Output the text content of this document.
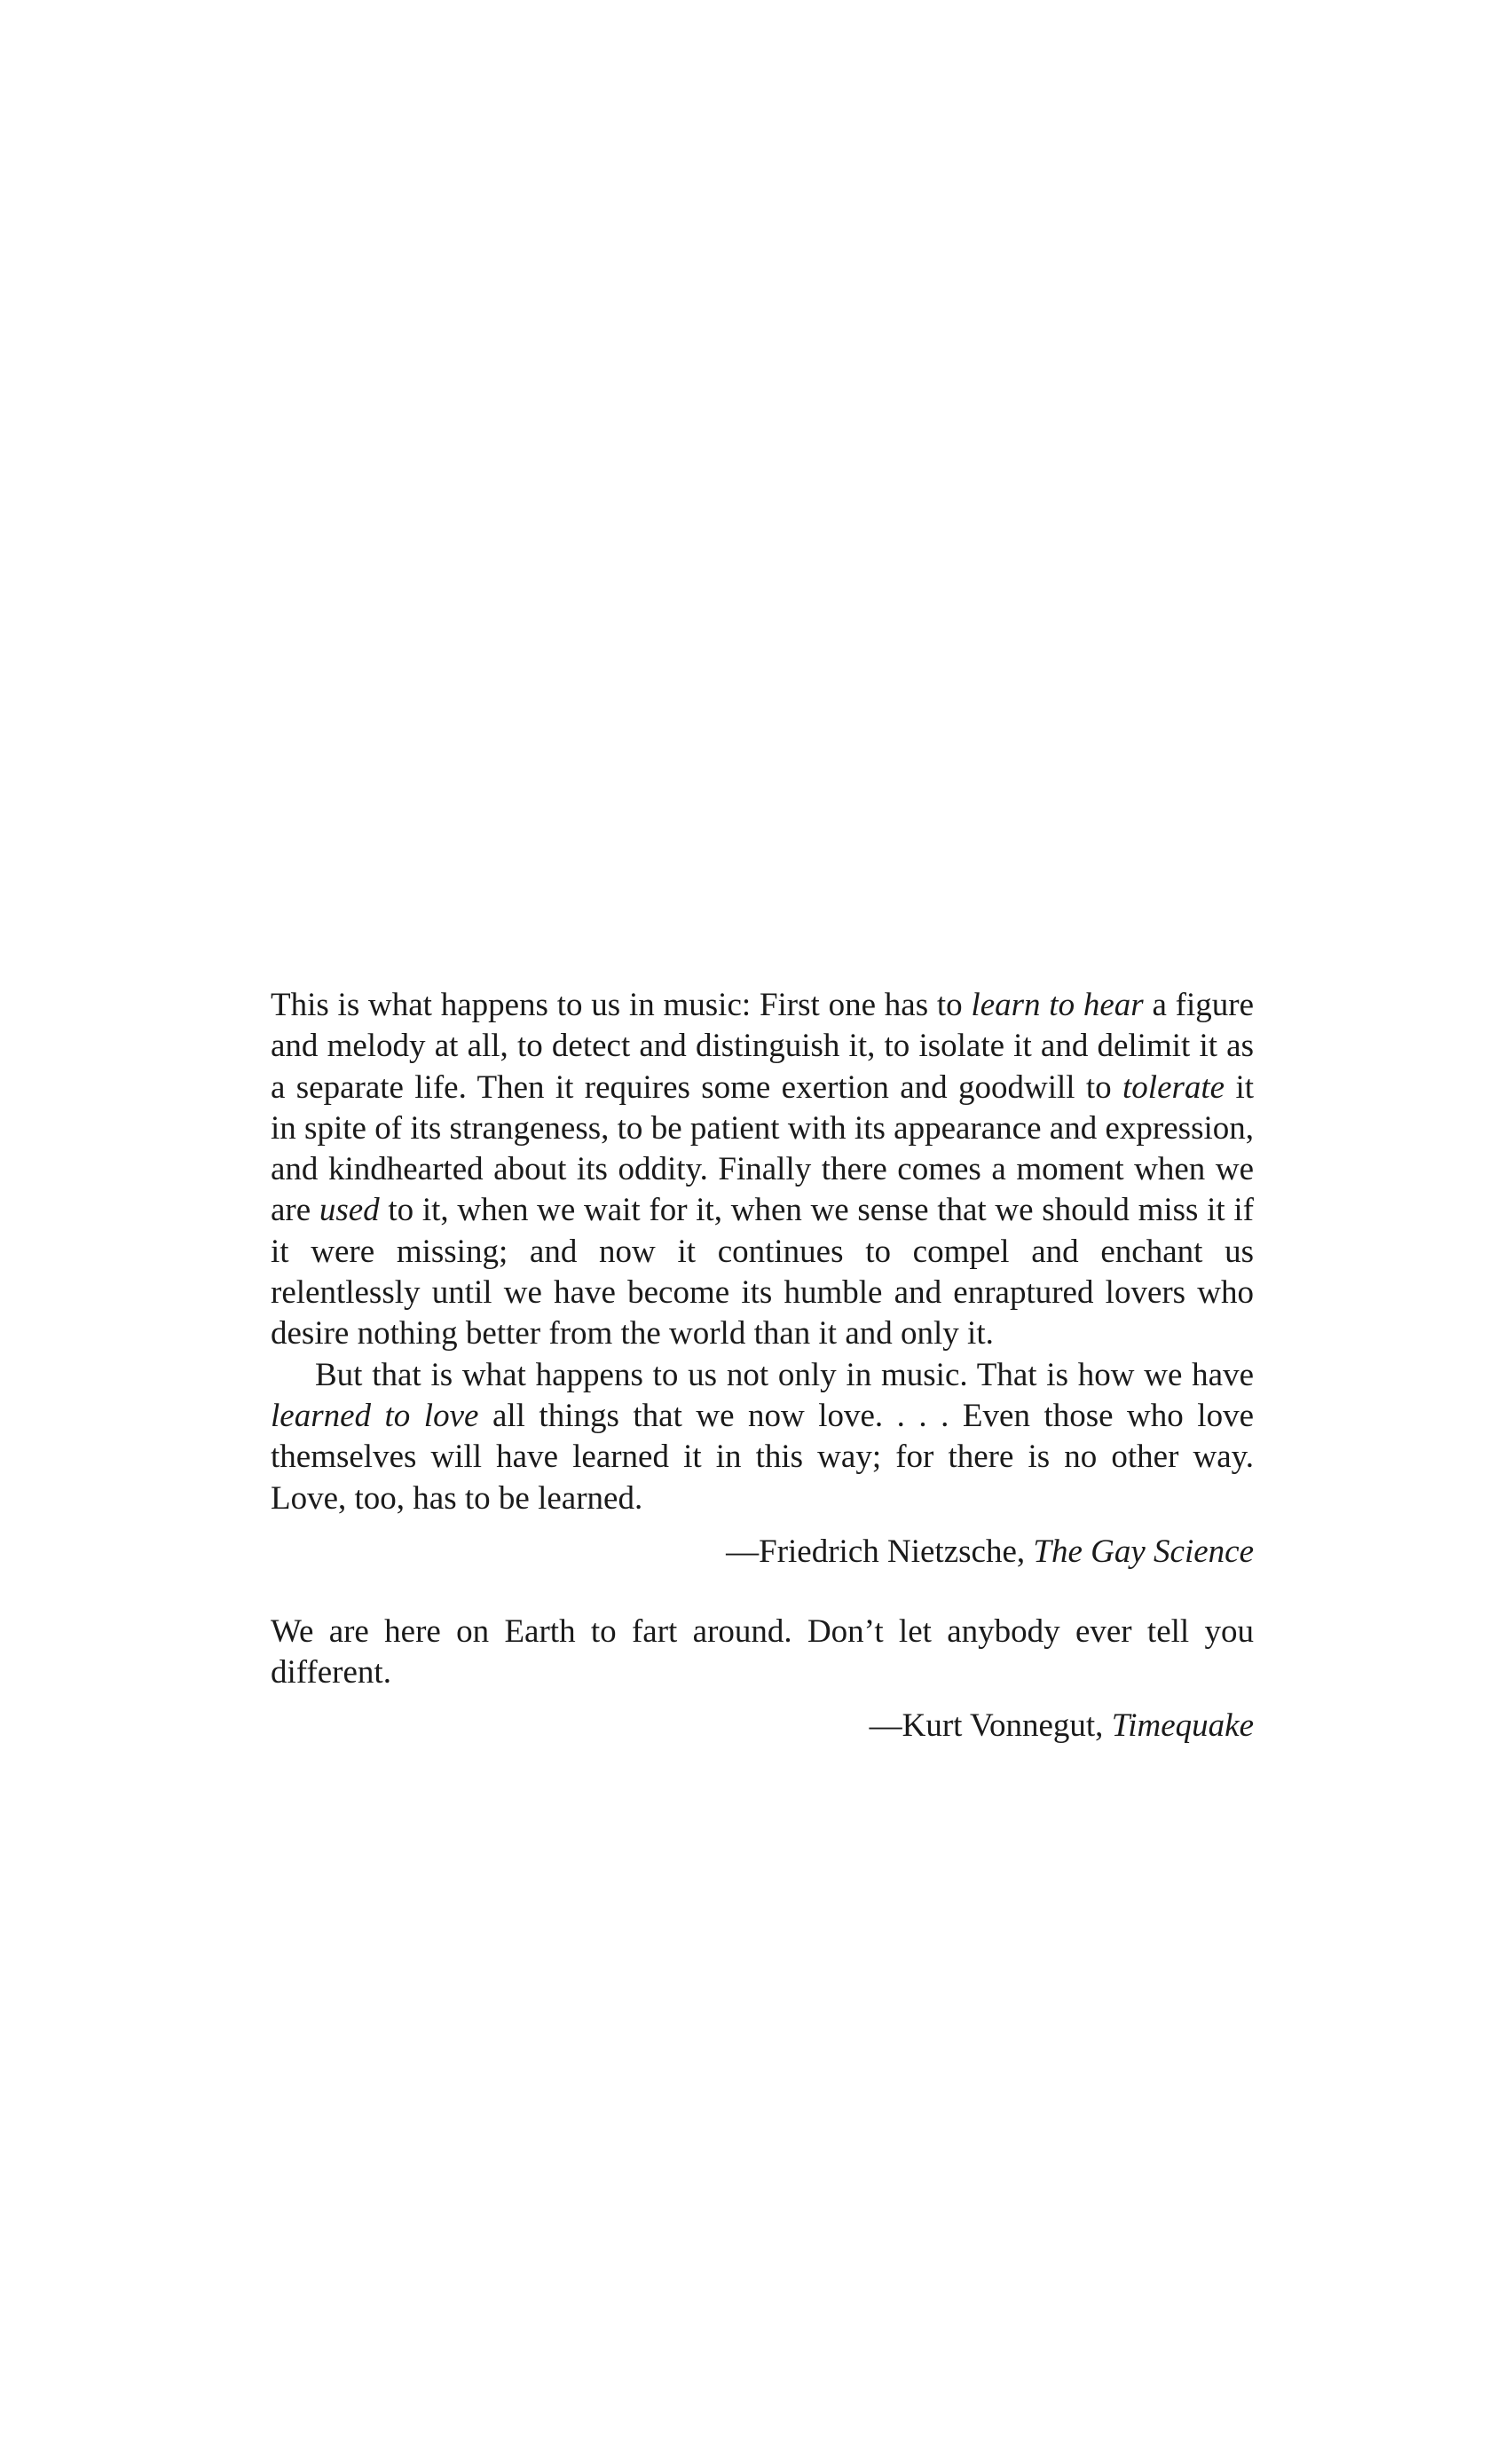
This is what happens to us in music: First one has to learn to hear a figure and melody at all, to detect and distinguish it, to isolate it and delimit it as a separate life. Then it requires some exertion and goodwill to tolerate it in spite of its strangeness, to be patient with its appearance and expression, and kindhearted about its oddity. Finally there comes a moment when we are used to it, when we wait for it, when we sense that we should miss it if it were missing; and now it continues to compel and enchant us relentlessly until we have become its humble and enraptured lovers who desire nothing better from the world than it and only it.

But that is what happens to us not only in music. That is how we have learned to love all things that we now love. . . . Even those who love themselves will have learned it in this way; for there is no other way. Love, too, has to be learned.

—Friedrich Nietzsche, The Gay Science

We are here on Earth to fart around. Don’t let anybody ever tell you different.

—Kurt Vonnegut, Timequake
